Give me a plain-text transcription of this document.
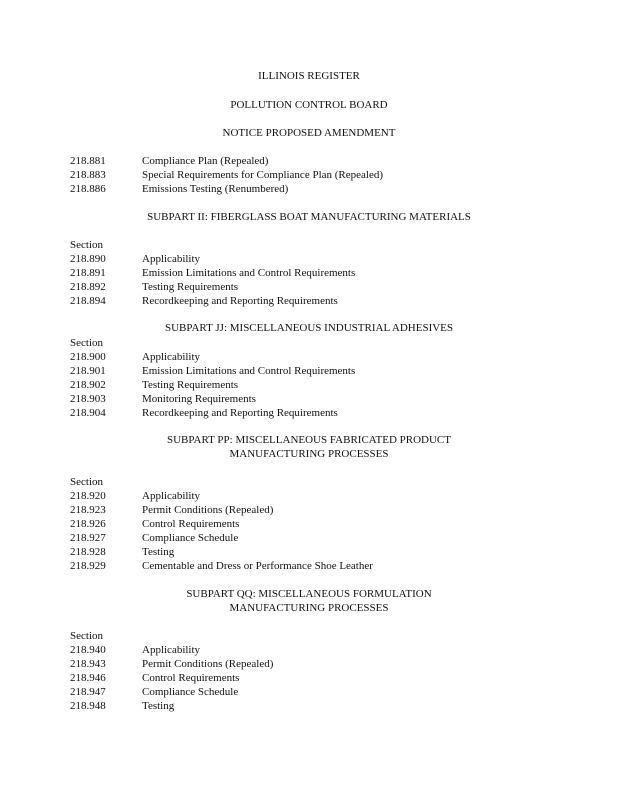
ILLINOIS REGISTER
POLLUTION CONTROL BOARD
NOTICE PROPOSED AMENDMENT
218.881	Compliance Plan (Repealed)
218.883	Special Requirements for Compliance Plan (Repealed)
218.886	Emissions Testing (Renumbered)
SUBPART II: FIBERGLASS BOAT MANUFACTURING MATERIALS
Section
218.890	Applicability
218.891	Emission Limitations and Control Requirements
218.892	Testing Requirements
218.894	Recordkeeping and Reporting Requirements
SUBPART JJ: MISCELLANEOUS INDUSTRIAL ADHESIVES
Section
218.900	Applicability
218.901	Emission Limitations and Control Requirements
218.902	Testing Requirements
218.903	Monitoring Requirements
218.904	Recordkeeping and Reporting Requirements
SUBPART PP: MISCELLANEOUS FABRICATED PRODUCT
MANUFACTURING PROCESSES
Section
218.920	Applicability
218.923	Permit Conditions (Repealed)
218.926	Control Requirements
218.927	Compliance Schedule
218.928	Testing
218.929	Cementable and Dress or Performance Shoe Leather
SUBPART QQ: MISCELLANEOUS FORMULATION
MANUFACTURING PROCESSES
Section
218.940	Applicability
218.943	Permit Conditions (Repealed)
218.946	Control Requirements
218.947	Compliance Schedule
218.948	Testing
